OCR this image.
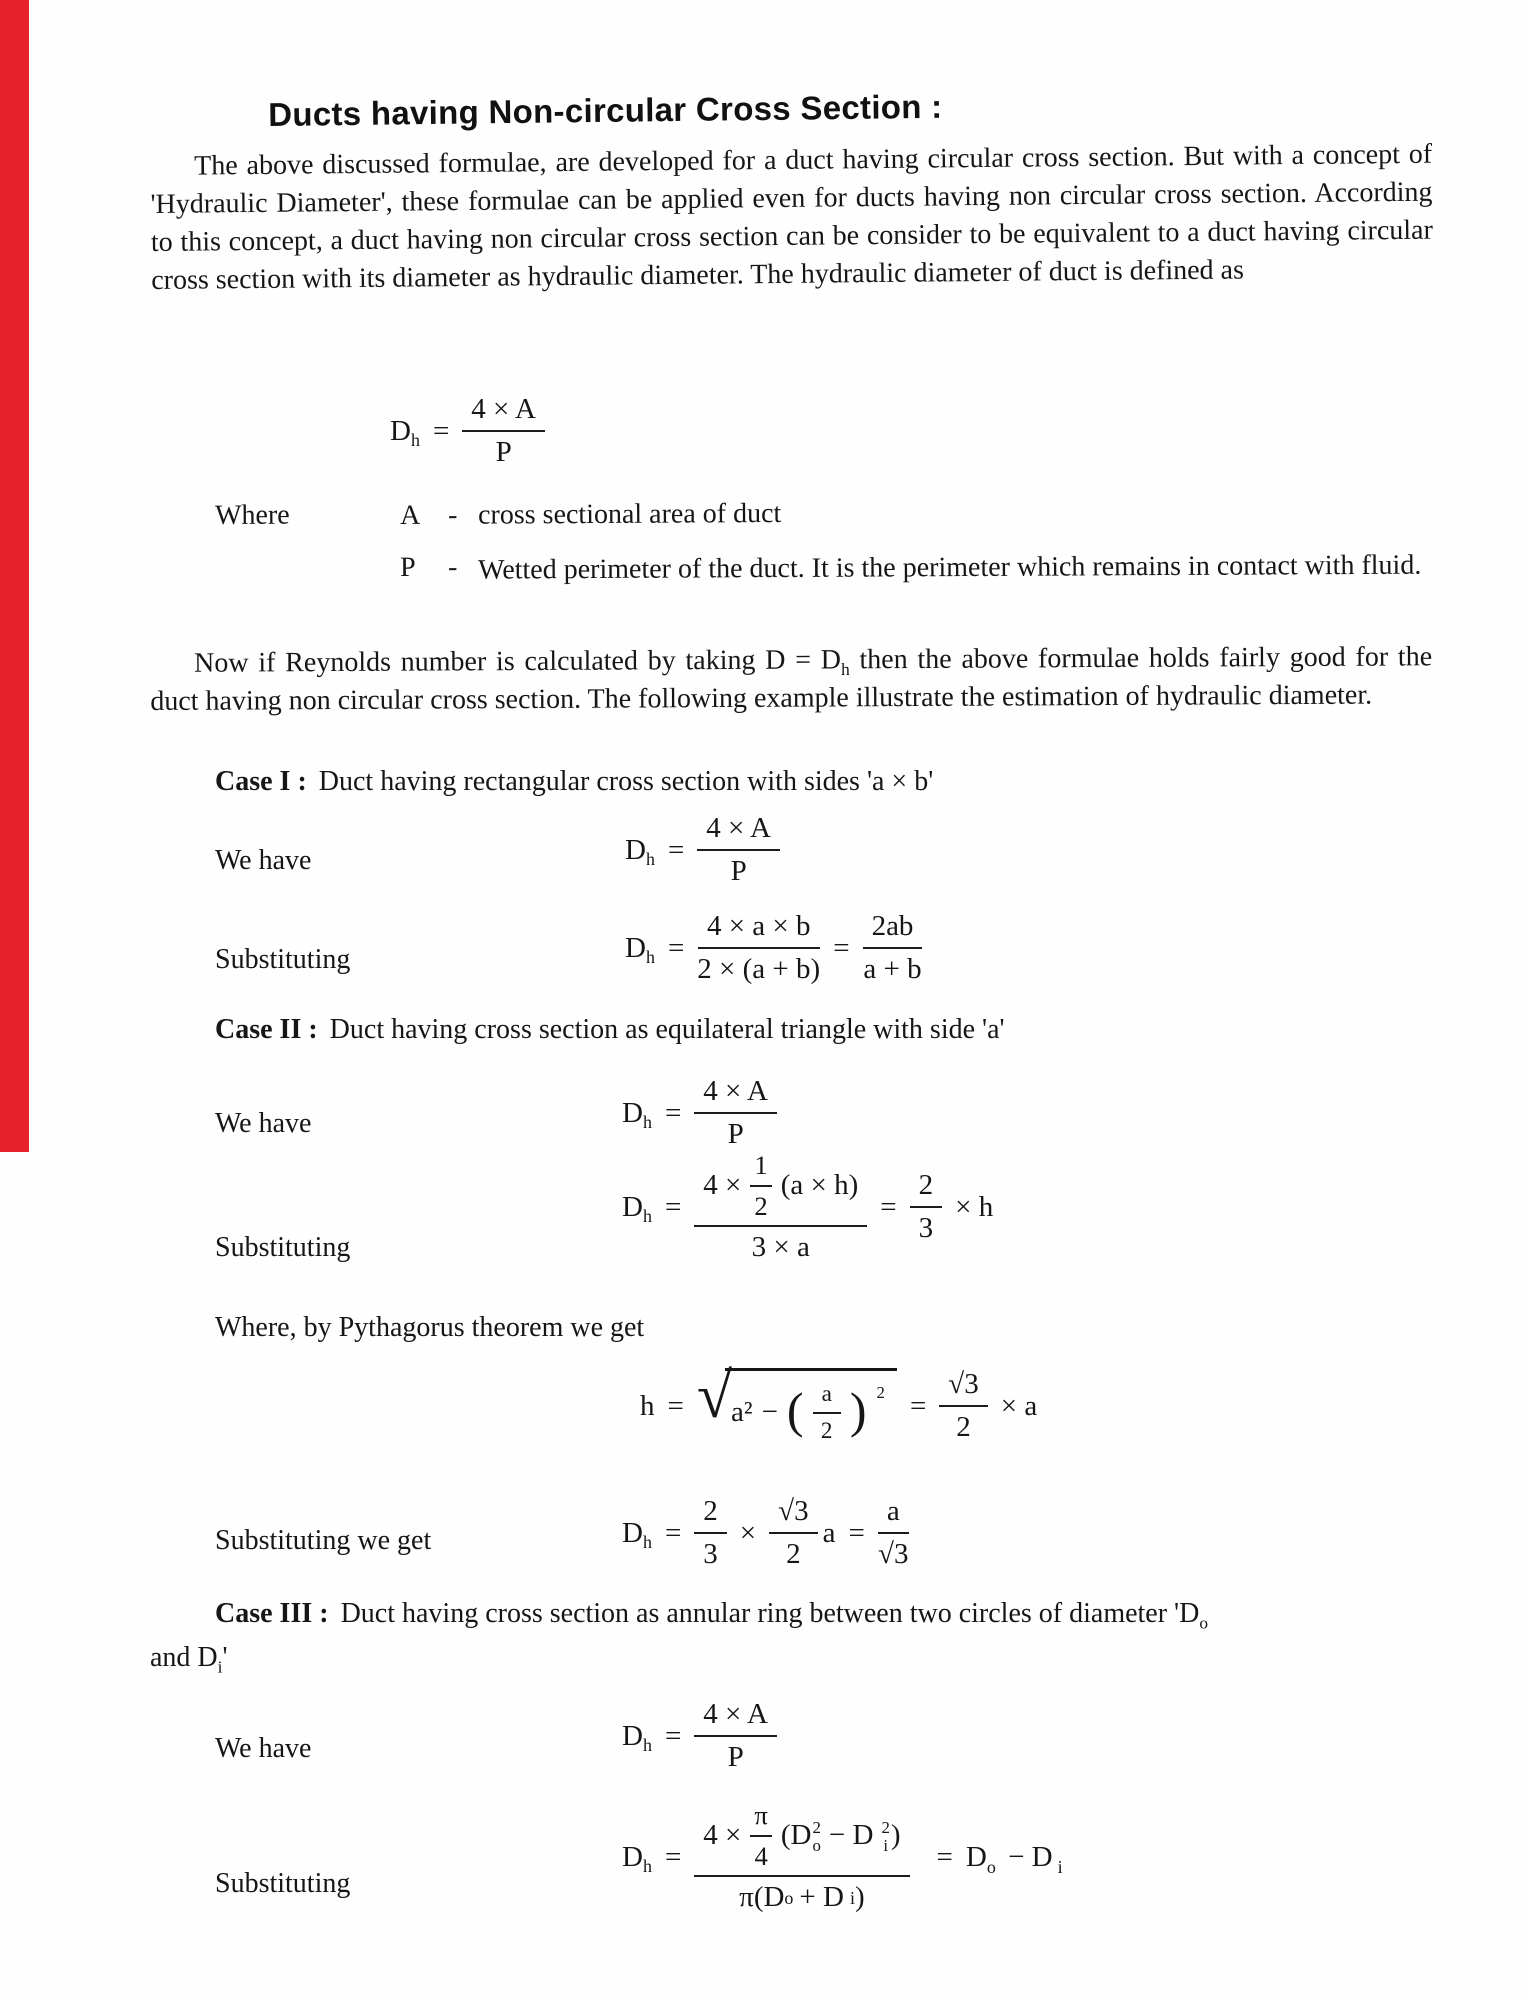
Ducts having Non-circular Cross Section :

The above discussed formulae, are developed for a duct having circular cross section. But with a concept of 'Hydraulic Diameter', these formulae can be applied even for ducts having non circular cross section. According to this concept, a duct having non circular cross section can be consider to be equivalent to a duct having circular cross section with its diameter as hydraulic diameter. The hydraulic diameter of duct is defined as

$D_h = \frac{4 \times A}{P}$
Where	A - cross sectional area of duct
P	- Wetted perimeter of the duct. It is the perimeter which remains in contact with fluid.

Now if Reynolds number is calculated by taking $D = D_h$ then the above formulae holds fairly good for the duct having non circular cross section. The following example illustrate the estimation of hydraulic diameter.

Case I : Duct having rectangular cross section with sides 'a × b'
We have	$D_h = \frac{4 \times A}{P}$
Substituting	$D_h = \frac{4 \times a \times b}{2 \times (a + b)} = \frac{2ab}{a + b}$
Case II : Duct having cross section as equilateral triangle with side 'a'
We have	$D_h = \frac{4 \times A}{P}$
Substituting
$D_h = \frac{4 \times \frac{1}{2} (a \times h)}{3 \times a} = \frac{2}{3} \times h$
Where, by Pythagorus theorem we get
h = √ a² − ( $\frac{a}{2}$ ) $2 = \frac{√3}{2} \times a$
Substituting we get	$D_h = \frac{2}{3} \times \frac{√3}{2}$ $a = \frac{a}{√3}$
Case III : Duct having cross section as annular ring between two circles of diameter '$D_o$
and $D_i'$
We have	$D_h = \frac{4 \times A}{P}$
Substituting
$D_h$ =
$4 \times \frac{\pi}{4} (D$ 2
o − D 2
i )
π(D o + D i )
= $D_o - D$ $_i$
